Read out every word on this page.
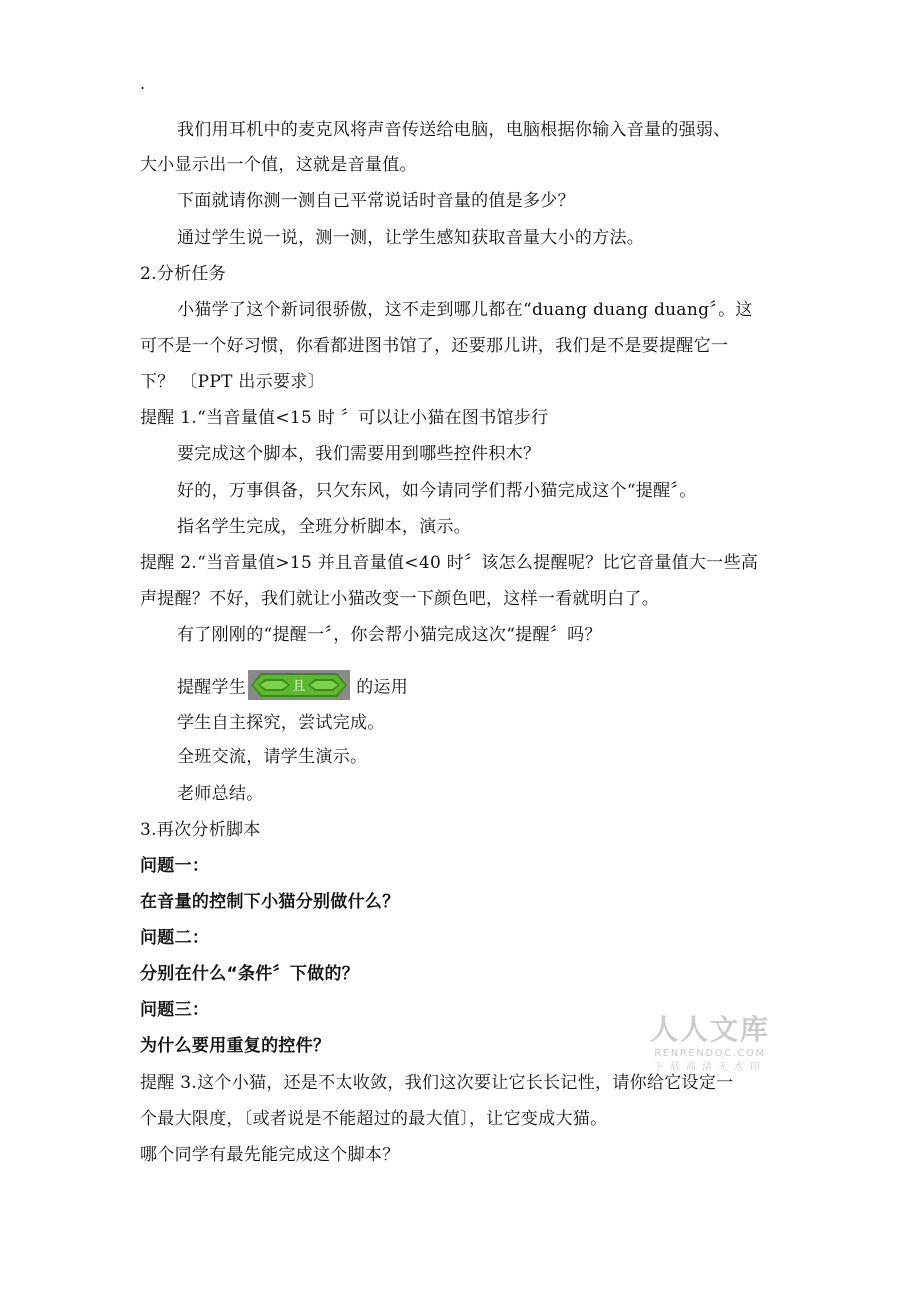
.
我们用耳机中的麦克风将声音传送给电脑，电脑根据你输入音量的强弱、
大小显示出一个值，这就是音量值。
下面就请你测一测自己平常说话时音量的值是多少？
通过学生说一说，测一测，让学生感知获取音量大小的方法。
2.分析任务
小猫学了这个新词很骄傲，这不走到哪儿都在“duang duang duang〞。这
可不是一个好习惯，你看都进图书馆了，还要那儿讲，我们是不是要提醒它一
下？ 〔PPT 出示要求〕
提醒 1.“当音量值<15 时 〞可以让小猫在图书馆步行
要完成这个脚本，我们需要用到哪些控件积木？
好的，万事俱备，只欠东风，如今请同学们帮小猫完成这个“提醒〞。
指名学生完成，全班分析脚本，演示。
提醒 2.“当音量值>15 并且音量值<40 时〞该怎么提醒呢？比它音量值大一些高
声提醒？不好，我们就让小猫改变一下颜色吧，这样一看就明白了。
有了刚刚的“提醒一〞，你会帮小猫完成这次“提醒〞吗？
提醒学生	且	的运用
学生自主探究，尝试完成。
全班交流，请学生演示。
老师总结。
3.再次分析脚本
问题一：
在音量的控制下小猫分别做什么？
问题二：
分别在什么“条件〞下做的？
问题三：
为什么要用重复的控件？
提醒 3.这个小猫，还是不太收敛，我们这次要让它长长记性，请你给它设定一
个最大限度，〔或者说是不能超过的最大值〕，让它变成大猫。
哪个同学有最先能完成这个脚本？
人人文库
RENRENDOC.COM
下载高清无水印
